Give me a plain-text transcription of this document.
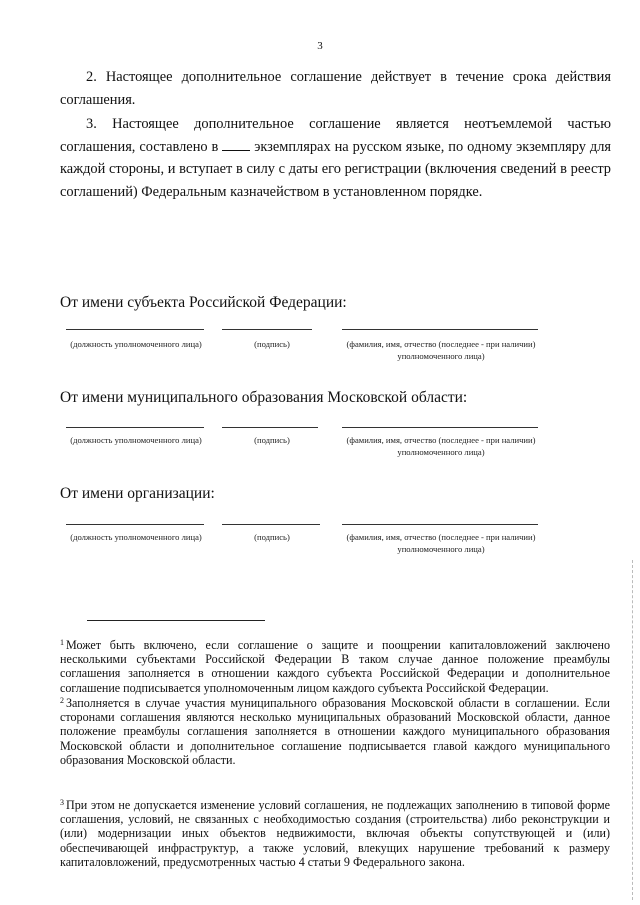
3

2. Настоящее дополнительное соглашение действует в течение срока действия соглашения.

3. Настоящее дополнительное соглашение является неотъемлемой частью соглашения, составлено в экземплярах на русском языке, по одному экземпляру для каждой стороны, и вступает в силу с даты его регистрации (включения сведений в реестр соглашений) Федеральным казначейством в установленном порядке.

От имени субъекта Российской Федерации:
(должность уполномоченного лица)	(подпись)	(фамилия, имя, отчество (последнее - при наличии)
уполномоченного лица)
От имени муниципального образования Московской области:
(должность уполномоченного лица)	(подпись)	(фамилия, имя, отчество (последнее - при наличии)
уполномоченного лица)
От имени организации:
(должность уполномоченного лица)	(подпись)	(фамилия, имя, отчество (последнее - при наличии)
уполномоченного лица)

$^1$ Может быть включено, если соглашение о защите и поощрении капиталовложений заключено несколькими субъектами Российской Федерации В таком случае данное положение преамбулы соглашения заполняется в отношении каждого субъекта Российской Федерации и дополнительное соглашение подписывается уполномоченным лицом каждого субъекта Российской Федерации.

$^2$ Заполняется в случае участия муниципального образования Московской области в соглашении. Если сторонами соглашения являются несколько муниципальных образований Московской области, данное положение преамбулы соглашения заполняется в отношении каждого муниципального образования Московской области и дополнительное соглашение подписывается главой каждого муниципального образования Московской области.

$^3$ При этом не допускается изменение условий соглашения, не подлежащих заполнению в типовой форме соглашения, условий, не связанных с необходимостью создания (строительства) либо реконструкции и (или) модернизации иных объектов недвижимости, включая объекты сопутствующей и (или) обеспечивающей инфраструктур, а также условий, влекущих нарушение требований к размеру капиталовложений, предусмотренных частью 4 статьи 9 Федерального закона.
